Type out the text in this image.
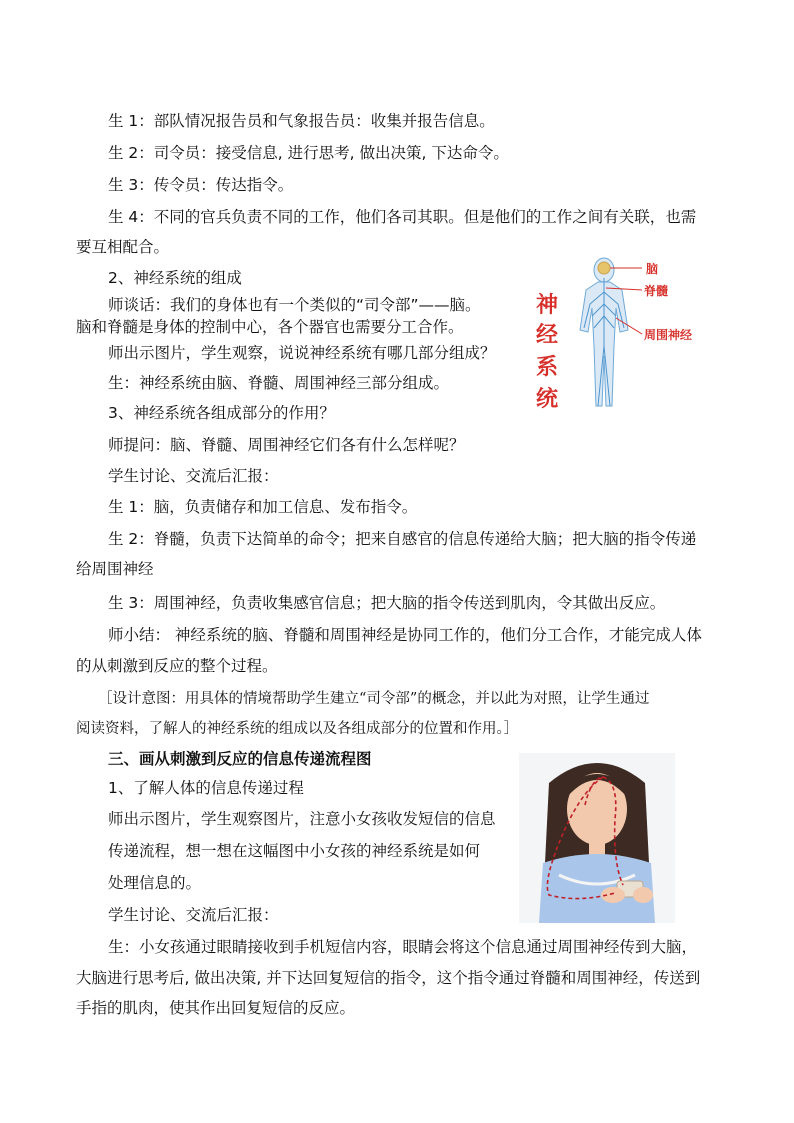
生 1：部队情况报告员和气象报告员：收集并报告信息。
生 2：司令员：接受信息, 进行思考, 做出决策, 下达命令。
生 3：传令员：传达指令。
生 4：不同的官兵负责不同的工作，他们各司其职。但是他们的工作之间有关联，也需
要互相配合。
2、神经系统的组成
师谈话：我们的身体也有一个类似的“司令部”——脑。
脑和脊髓是身体的控制中心，各个器官也需要分工合作。
师出示图片，学生观察，说说神经系统有哪几部分组成？
生：神经系统由脑、脊髓、周围神经三部分组成。
3、神经系统各组成部分的作用？
师提问：脑、脊髓、周围神经它们各有什么怎样呢？
学生讨论、交流后汇报：
生 1：脑，负责储存和加工信息、发布指令。
生 2：脊髓，负责下达简单的命令；把来自感官的信息传递给大脑；把大脑的指令传递
给周围神经
生 3：周围神经，负责收集感官信息；把大脑的指令传送到肌肉，令其做出反应。
师小结： 神经系统的脑、脊髓和周围神经是协同工作的，他们分工合作，才能完成人体
的从刺激到反应的整个过程。
［设计意图：用具体的情境帮助学生建立“司令部”的概念，并以此为对照，让学生通过
阅读资料，了解人的神经系统的组成以及各组成部分的位置和作用。］
三、画从刺激到反应的信息传递流程图
1、了解人体的信息传递过程
师出示图片，学生观察图片，注意小女孩收发短信的信息
传递流程，想一想在这幅图中小女孩的神经系统是如何
处理信息的。
学生讨论、交流后汇报：
生：小女孩通过眼睛接收到手机短信内容，眼睛会将这个信息通过周围神经传到大脑，
大脑进行思考后, 做出决策, 并下达回复短信的指令，这个指令通过脊髓和周围神经，传送到
手指的肌肉，使其作出回复短信的反应。
神
经
系
统
脑
脊髓
周围神经
